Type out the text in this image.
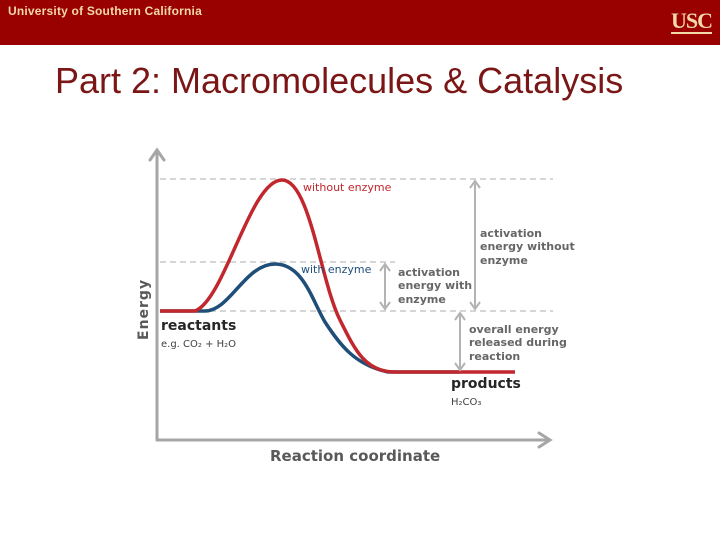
University of Southern California	USC
Part 2: Macromolecules & Catalysis
Energy
Reaction coordinate
without enzyme
with enzyme activation
energy with
enzyme
activation
energy without
enzyme
overall energy
released during
reaction
reactants
e.g. CO₂ + H₂O
products
H₂CO₃
